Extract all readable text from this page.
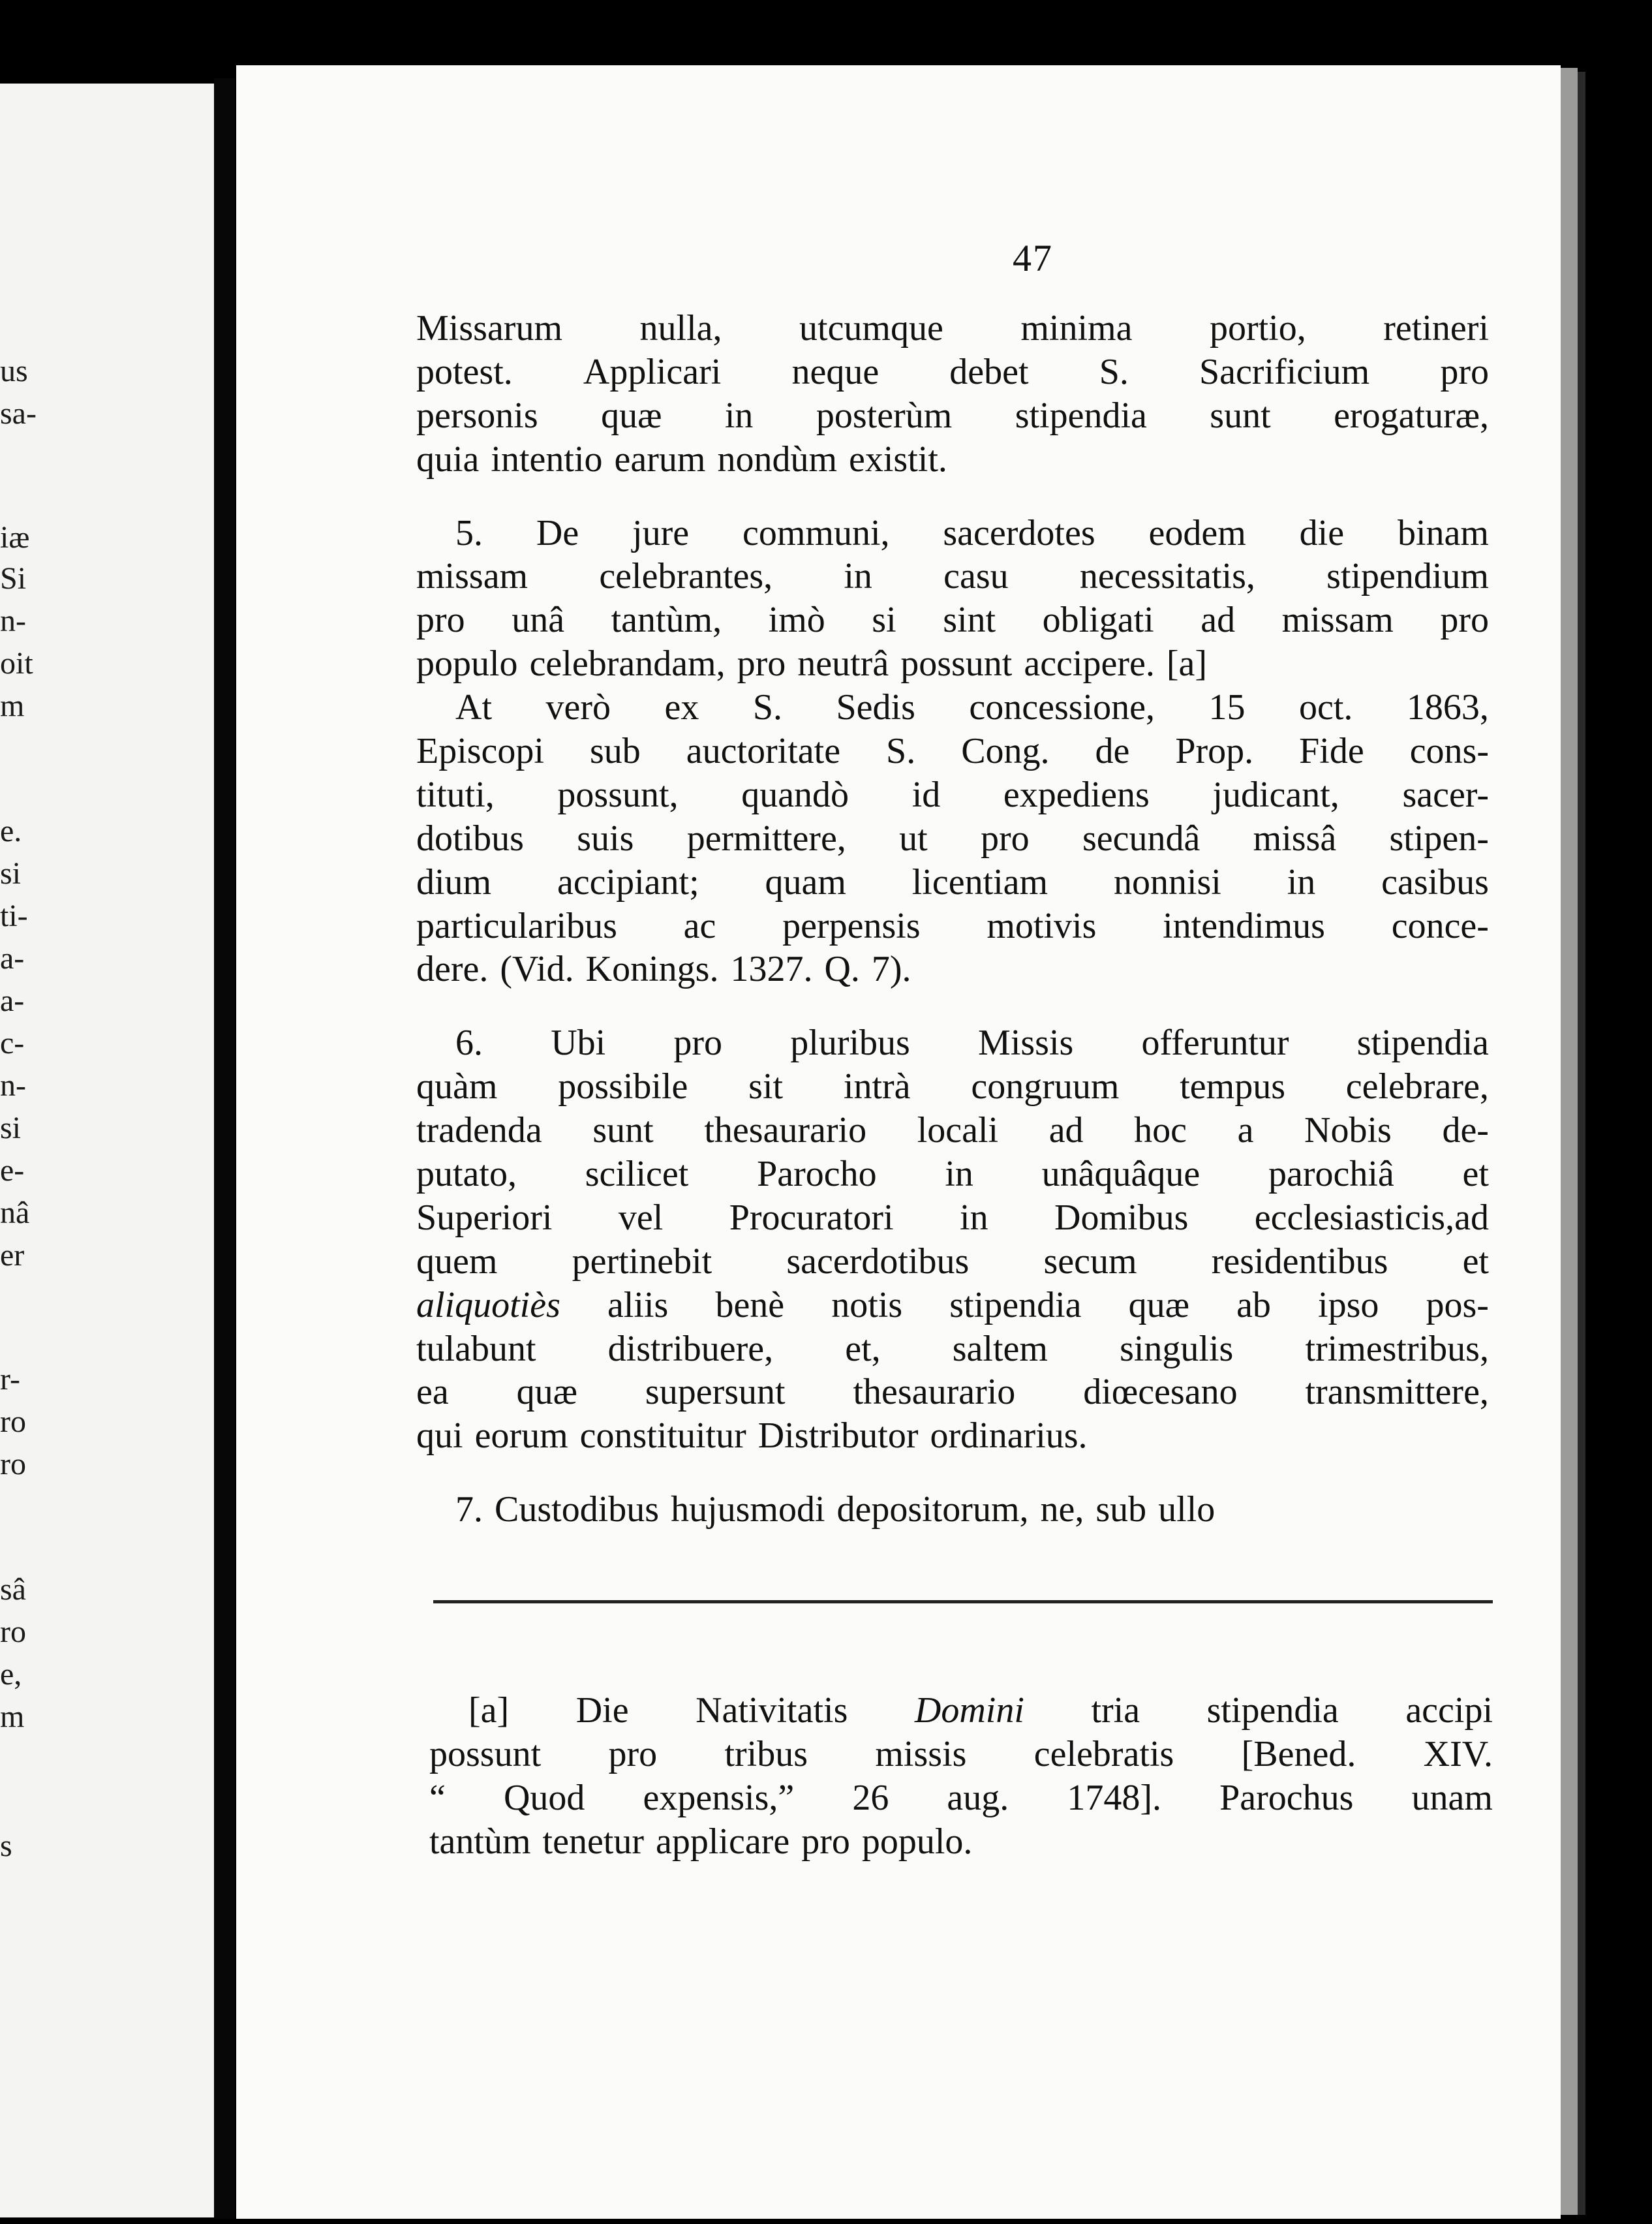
us
sa-
iæ
Si
n-
oit
m
e.
si
ti-
a-
a-
c-
n-
si
e-
nâ
er
r-
ro
ro
sâ
ro
e,
m
s
47
Missarum nulla, utcumque minima portio, retineri
potest. Applicari neque debet S. Sacrificium pro
personis quæ in posterùm stipendia sunt erogaturæ,
quia intentio earum nondùm existit.
5. De jure communi, sacerdotes eodem die binam
missam celebrantes, in casu necessitatis, stipendium
pro unâ tantùm, imò si sint obligati ad missam pro
populo celebrandam, pro neutrâ possunt accipere. [a]
At verò ex S. Sedis concessione, 15 oct. 1863,
Episcopi sub auctoritate S. Cong. de Prop. Fide cons-
tituti, possunt, quandò id expediens judicant, sacer-
dotibus suis permittere, ut pro secundâ missâ stipen-
dium accipiant; quam licentiam nonnisi in casibus
particularibus ac perpensis motivis intendimus conce-
dere. (Vid. Konings. 1327. Q. 7).
6. Ubi pro pluribus Missis offeruntur stipendia
quàm possibile sit intrà congruum tempus celebrare,
tradenda sunt thesaurario locali ad hoc a Nobis de-
putato, scilicet Parocho in unâquâque parochiâ et
Superiori vel Procuratori in Domibus ecclesiasticis,ad
quem pertinebit sacerdotibus secum residentibus et
aliquotiès aliis benè notis stipendia quæ ab ipso pos-
tulabunt distribuere, et, saltem singulis trimestribus,
ea quæ supersunt thesaurario diœcesano transmittere,
qui eorum constituitur Distributor ordinarius.
7. Custodibus hujusmodi depositorum, ne, sub ullo
[a] Die Nativitatis Domini tria stipendia accipi
possunt pro tribus missis celebratis [Bened. XIV.
“ Quod expensis,” 26 aug. 1748]. Parochus unam
tantùm tenetur applicare pro populo.
